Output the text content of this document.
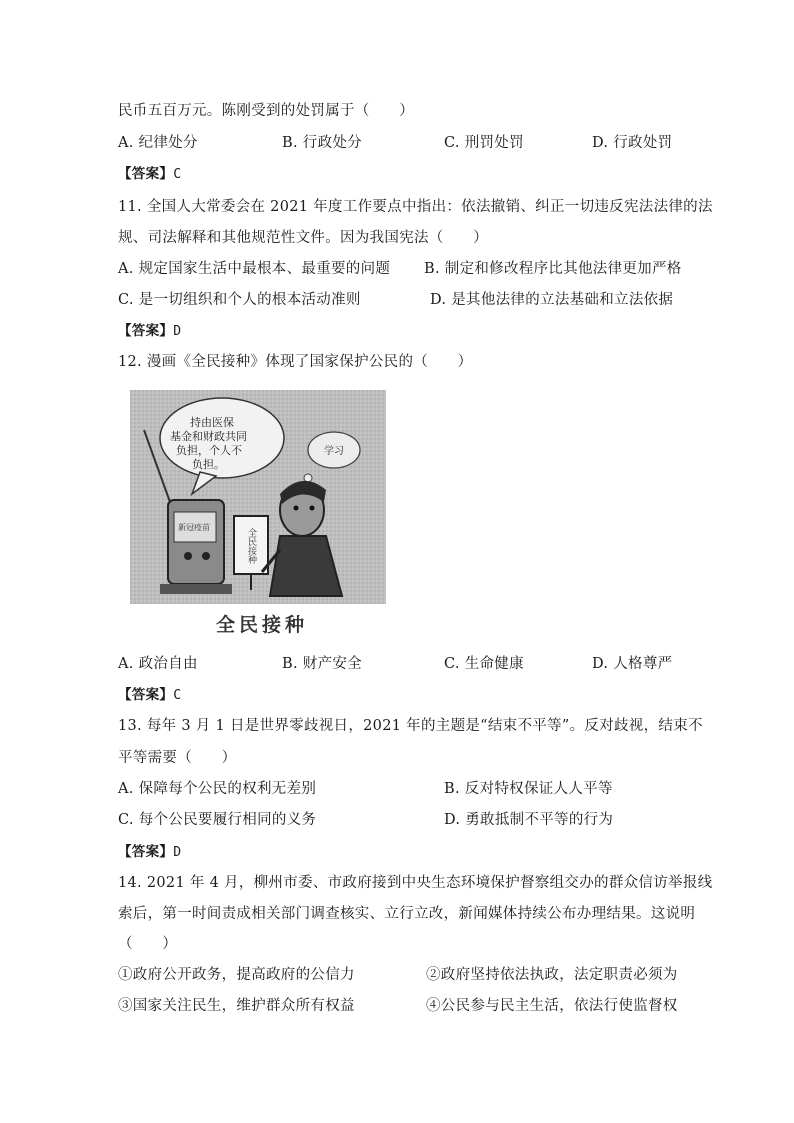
民币五百万元。陈刚受到的处罚属于（　　）
A. 纪律处分	B. 行政处分	C. 刑罚处罚	D. 行政处罚
【答案】C
11. 全国人大常委会在 2021 年度工作要点中指出：依法撤销、纠正一切违反宪法法律的法
规、司法解释和其他规范性文件。因为我国宪法（　　）
A. 规定国家生活中最根本、最重要的问题 B. 制定和修改程序比其他法律更加严格
C. 是一切组织和个人的根本活动准则	D. 是其他法律的立法基础和立法依据
【答案】D
12. 漫画《全民接种》体现了国家保护公民的（　　）
持由医保 基金和财政共同 负担，个人不 负担。
学习
新冠疫苗
全民接种
全民接种
A. 政治自由	B. 财产安全	C. 生命健康	D. 人格尊严
【答案】C
13. 每年 3 月 1 日是世界零歧视日，2021 年的主题是“结束不平等”。反对歧视，结束不
平等需要（　　）
A. 保障每个公民的权利无差别	B. 反对特权保证人人平等
C. 每个公民要履行相同的义务	D. 勇敢抵制不平等的行为
【答案】D
14. 2021 年 4 月，柳州市委、市政府接到中央生态环境保护督察组交办的群众信访举报线
索后，第一时间责成相关部门调查核实、立行立改，新闻媒体持续公布办理结果。这说明
（　　）
①政府公开政务，提高政府的公信力	②政府坚持依法执政，法定职责必须为
③国家关注民生，维护群众所有权益	④公民参与民主生活，依法行使监督权
